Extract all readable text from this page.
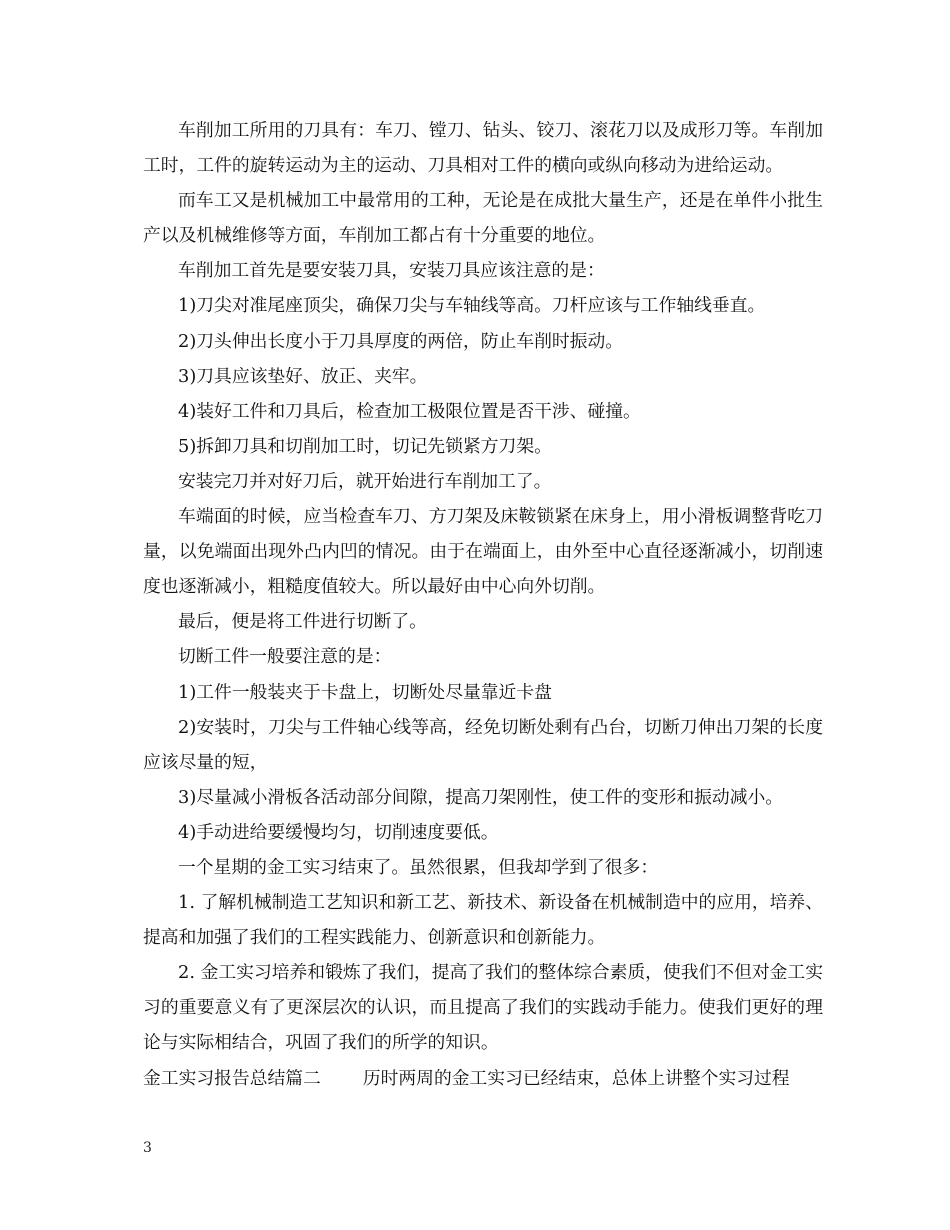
车削加工所用的刀具有：车刀、镗刀、钻头、铰刀、滚花刀以及成形刀等。车削加工时，工件的旋转运动为主的运动、刀具相对工件的横向或纵向移动为进给运动。

而车工又是机械加工中最常用的工种，无论是在成批大量生产，还是在单件小批生产以及机械维修等方面，车削加工都占有十分重要的地位。

车削加工首先是要安装刀具，安装刀具应该注意的是：

1)刀尖对准尾座顶尖，确保刀尖与车轴线等高。刀杆应该与工作轴线垂直。

2)刀头伸出长度小于刀具厚度的两倍，防止车削时振动。

3)刀具应该垫好、放正、夹牢。

4)装好工件和刀具后，检查加工极限位置是否干涉、碰撞。

5)拆卸刀具和切削加工时，切记先锁紧方刀架。

安装完刀并对好刀后，就开始进行车削加工了。

车端面的时候，应当检查车刀、方刀架及床鞍锁紧在床身上，用小滑板调整背吃刀量，以免端面出现外凸内凹的情况。由于在端面上，由外至中心直径逐渐减小，切削速度也逐渐减小，粗糙度值较大。所以最好由中心向外切削。

最后，便是将工件进行切断了。

切断工件一般要注意的是：

1)工件一般装夹于卡盘上，切断处尽量靠近卡盘

2)安装时，刀尖与工件轴心线等高，经免切断处剩有凸台，切断刀伸出刀架的长度应该尽量的短，

3)尽量减小滑板各活动部分间隙，提高刀架刚性，使工件的变形和振动减小。

4)手动进给要缓慢均匀，切削速度要低。

一个星期的金工实习结束了。虽然很累，但我却学到了很多：

1. 了解机械制造工艺知识和新工艺、新技术、新设备在机械制造中的应用，培养、提高和加强了我们的工程实践能力、创新意识和创新能力。

2. 金工实习培养和锻炼了我们，提高了我们的整体综合素质，使我们不但对金工实习的重要意义有了更深层次的认识，而且提高了我们的实践动手能力。使我们更好的理论与实际相结合，巩固了我们的所学的知识。

金工实习报告总结篇二 历时两周的金工实习已经结束，总体上讲整个实习过程

3
